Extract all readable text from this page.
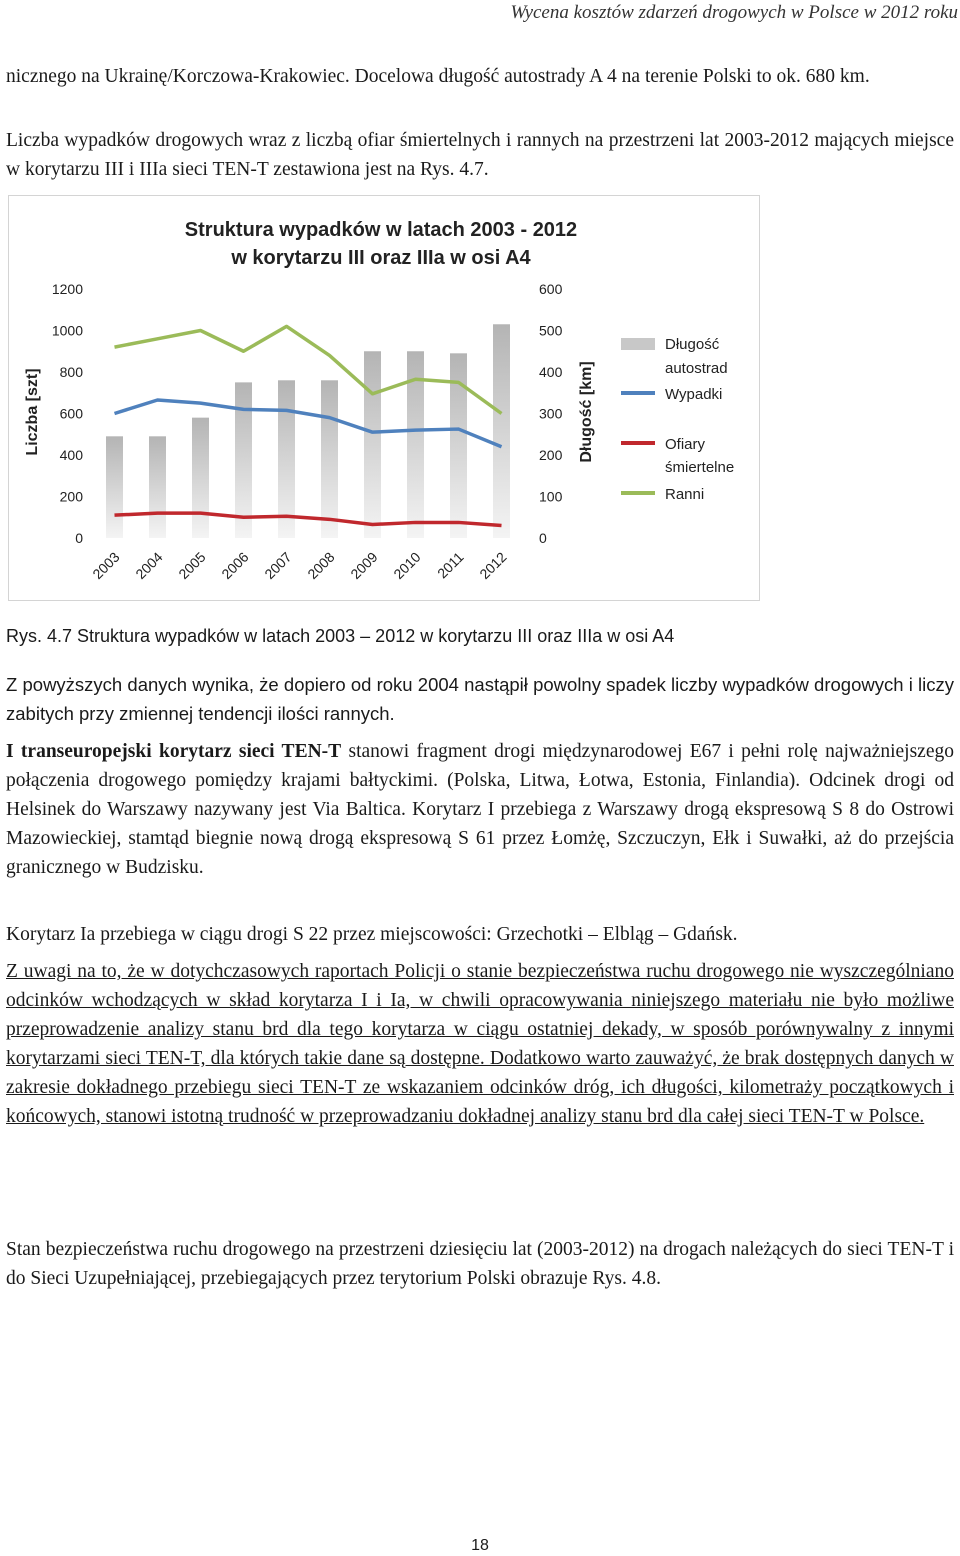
Wycena kosztów zdarzeń drogowych w Polsce w 2012 roku
nicznego na Ukrainę/Korczowa-Krakowiec. Docelowa długość autostrady A 4 na terenie Polski to ok. 680 km.
Liczba wypadków drogowych wraz z liczbą ofiar śmiertelnych i rannych na przestrzeni lat 2003-2012 mających miejsce w korytarzu III i IIIa sieci TEN-T zestawiona jest na Rys. 4.7.
Struktura wypadków w latach 2003 - 2012
w korytarzu III oraz IIIa w osi A4
Liczba [szt]	Długość [km]
0
200
400
600
800
1000
1200
0
100
200
300
400
500
600
2003 2004 2005 2006 2007 2008 2009 2010 2011 2012
Długość
autostrad
Wypadki
Ofiary
śmiertelne
Ranni
Rys. 4.7 Struktura wypadków w latach 2003 – 2012 w korytarzu III oraz IIIa w osi A4
Z powyższych danych wynika, że dopiero od roku 2004 nastąpił powolny spadek liczby wypadków drogowych i liczy zabitych przy zmiennej tendencji ilości rannych.
I transeuropejski korytarz sieci TEN-T stanowi fragment drogi międzynarodowej E67 i pełni rolę najważniejszego połączenia drogowego pomiędzy krajami bałtyckimi. (Polska, Litwa, Łotwa, Estonia, Finlandia). Odcinek drogi od Helsinek do Warszawy nazywany jest Via Baltica. Korytarz I przebiega z Warszawy drogą ekspresową S 8 do Ostrowi Mazowieckiej, stamtąd biegnie nową drogą ekspresową S 61 przez Łomżę, Szczuczyn, Ełk i Suwałki, aż do przejścia granicznego w Budzisku.
Korytarz Ia przebiega w ciągu drogi S 22 przez miejscowości: Grzechotki – Elbląg – Gdańsk.
Z uwagi na to, że w dotychczasowych raportach Policji o stanie bezpieczeństwa ruchu drogowego nie wyszczególniano odcinków wchodzących w skład korytarza I i Ia, w chwili opracowywania niniejszego materiału nie było możliwe przeprowadzenie analizy stanu brd dla tego korytarza w ciągu ostatniej dekady, w sposób porównywalny z innymi korytarzami sieci TEN-T, dla których takie dane są dostępne. Dodatkowo warto zauważyć, że brak dostępnych danych w zakresie dokładnego przebiegu sieci TEN-T ze wskazaniem odcinków dróg, ich długości, kilometraży początkowych i końcowych, stanowi istotną trudność w przeprowadzaniu dokładnej analizy stanu brd dla całej sieci TEN-T w Polsce.
Stan bezpieczeństwa ruchu drogowego na przestrzeni dziesięciu lat (2003-2012) na drogach należących do sieci TEN-T i do Sieci Uzupełniającej, przebiegających przez terytorium Polski obrazuje Rys. 4.8.
18
